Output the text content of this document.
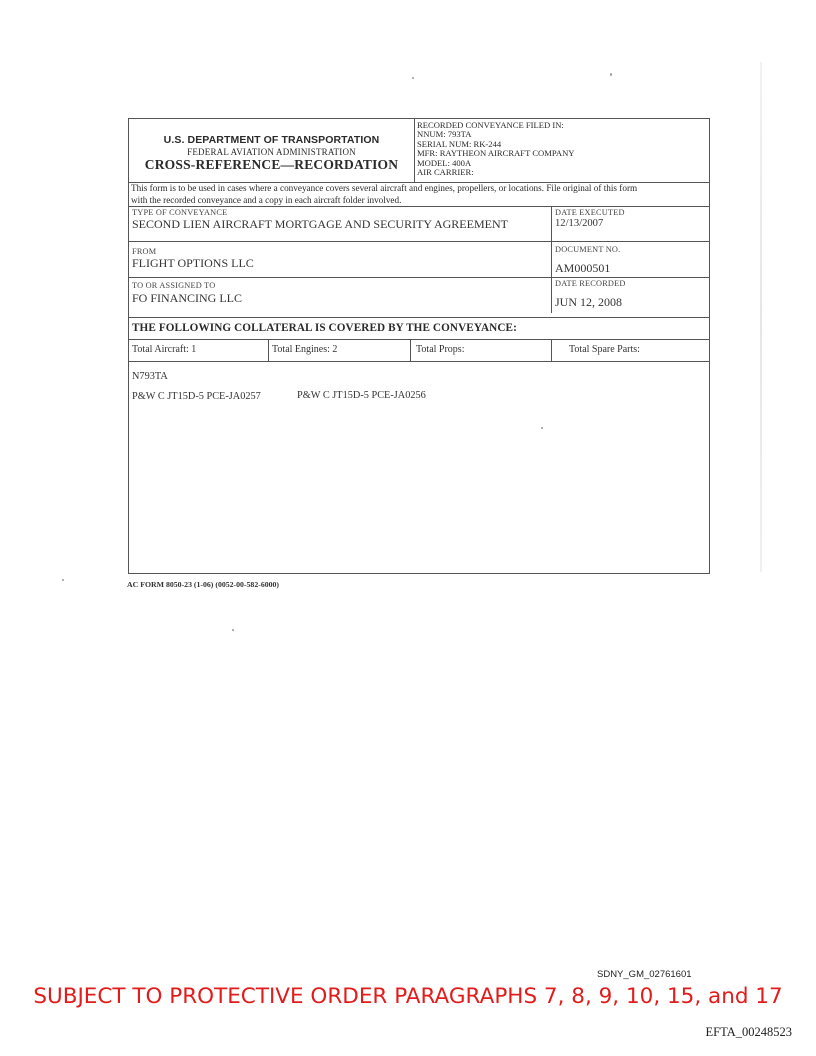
U.S. DEPARTMENT OF TRANSPORTATION
FEDERAL AVIATION ADMINISTRATION
CROSS-REFERENCE—RECORDATION
RECORDED CONVEYANCE FILED IN:
NNUM: 793TA
SERIAL NUM: RK-244
MFR: RAYTHEON AIRCRAFT COMPANY
MODEL: 400A
AIR CARRIER:
This form is to be used in cases where a conveyance covers several aircraft and engines, propellers, or locations. File original of this form
with the recorded conveyance and a copy in each aircraft folder involved.
TYPE OF CONVEYANCE
SECOND LIEN AIRCRAFT MORTGAGE AND SECURITY AGREEMENT
DATE EXECUTED
12/13/2007
FROM
FLIGHT OPTIONS LLC
DOCUMENT NO.
AM000501
TO OR ASSIGNED TO
FO FINANCING LLC
DATE RECORDED
JUN 12, 2008
THE FOLLOWING COLLATERAL IS COVERED BY THE CONVEYANCE:
Total Aircraft: 1	Total Engines: 2	Total Props:	Total Spare Parts:
N793TA
P&W C JT15D-5 PCE-JA0257	P&W C JT15D-5 PCE-JA0256
AC FORM 8050-23 (1-06) (0052-00-582-6000)
SDNY_GM_02761601
SUBJECT TO PROTECTIVE ORDER PARAGRAPHS 7, 8, 9, 10, 15, and 17
EFTA_00248523
